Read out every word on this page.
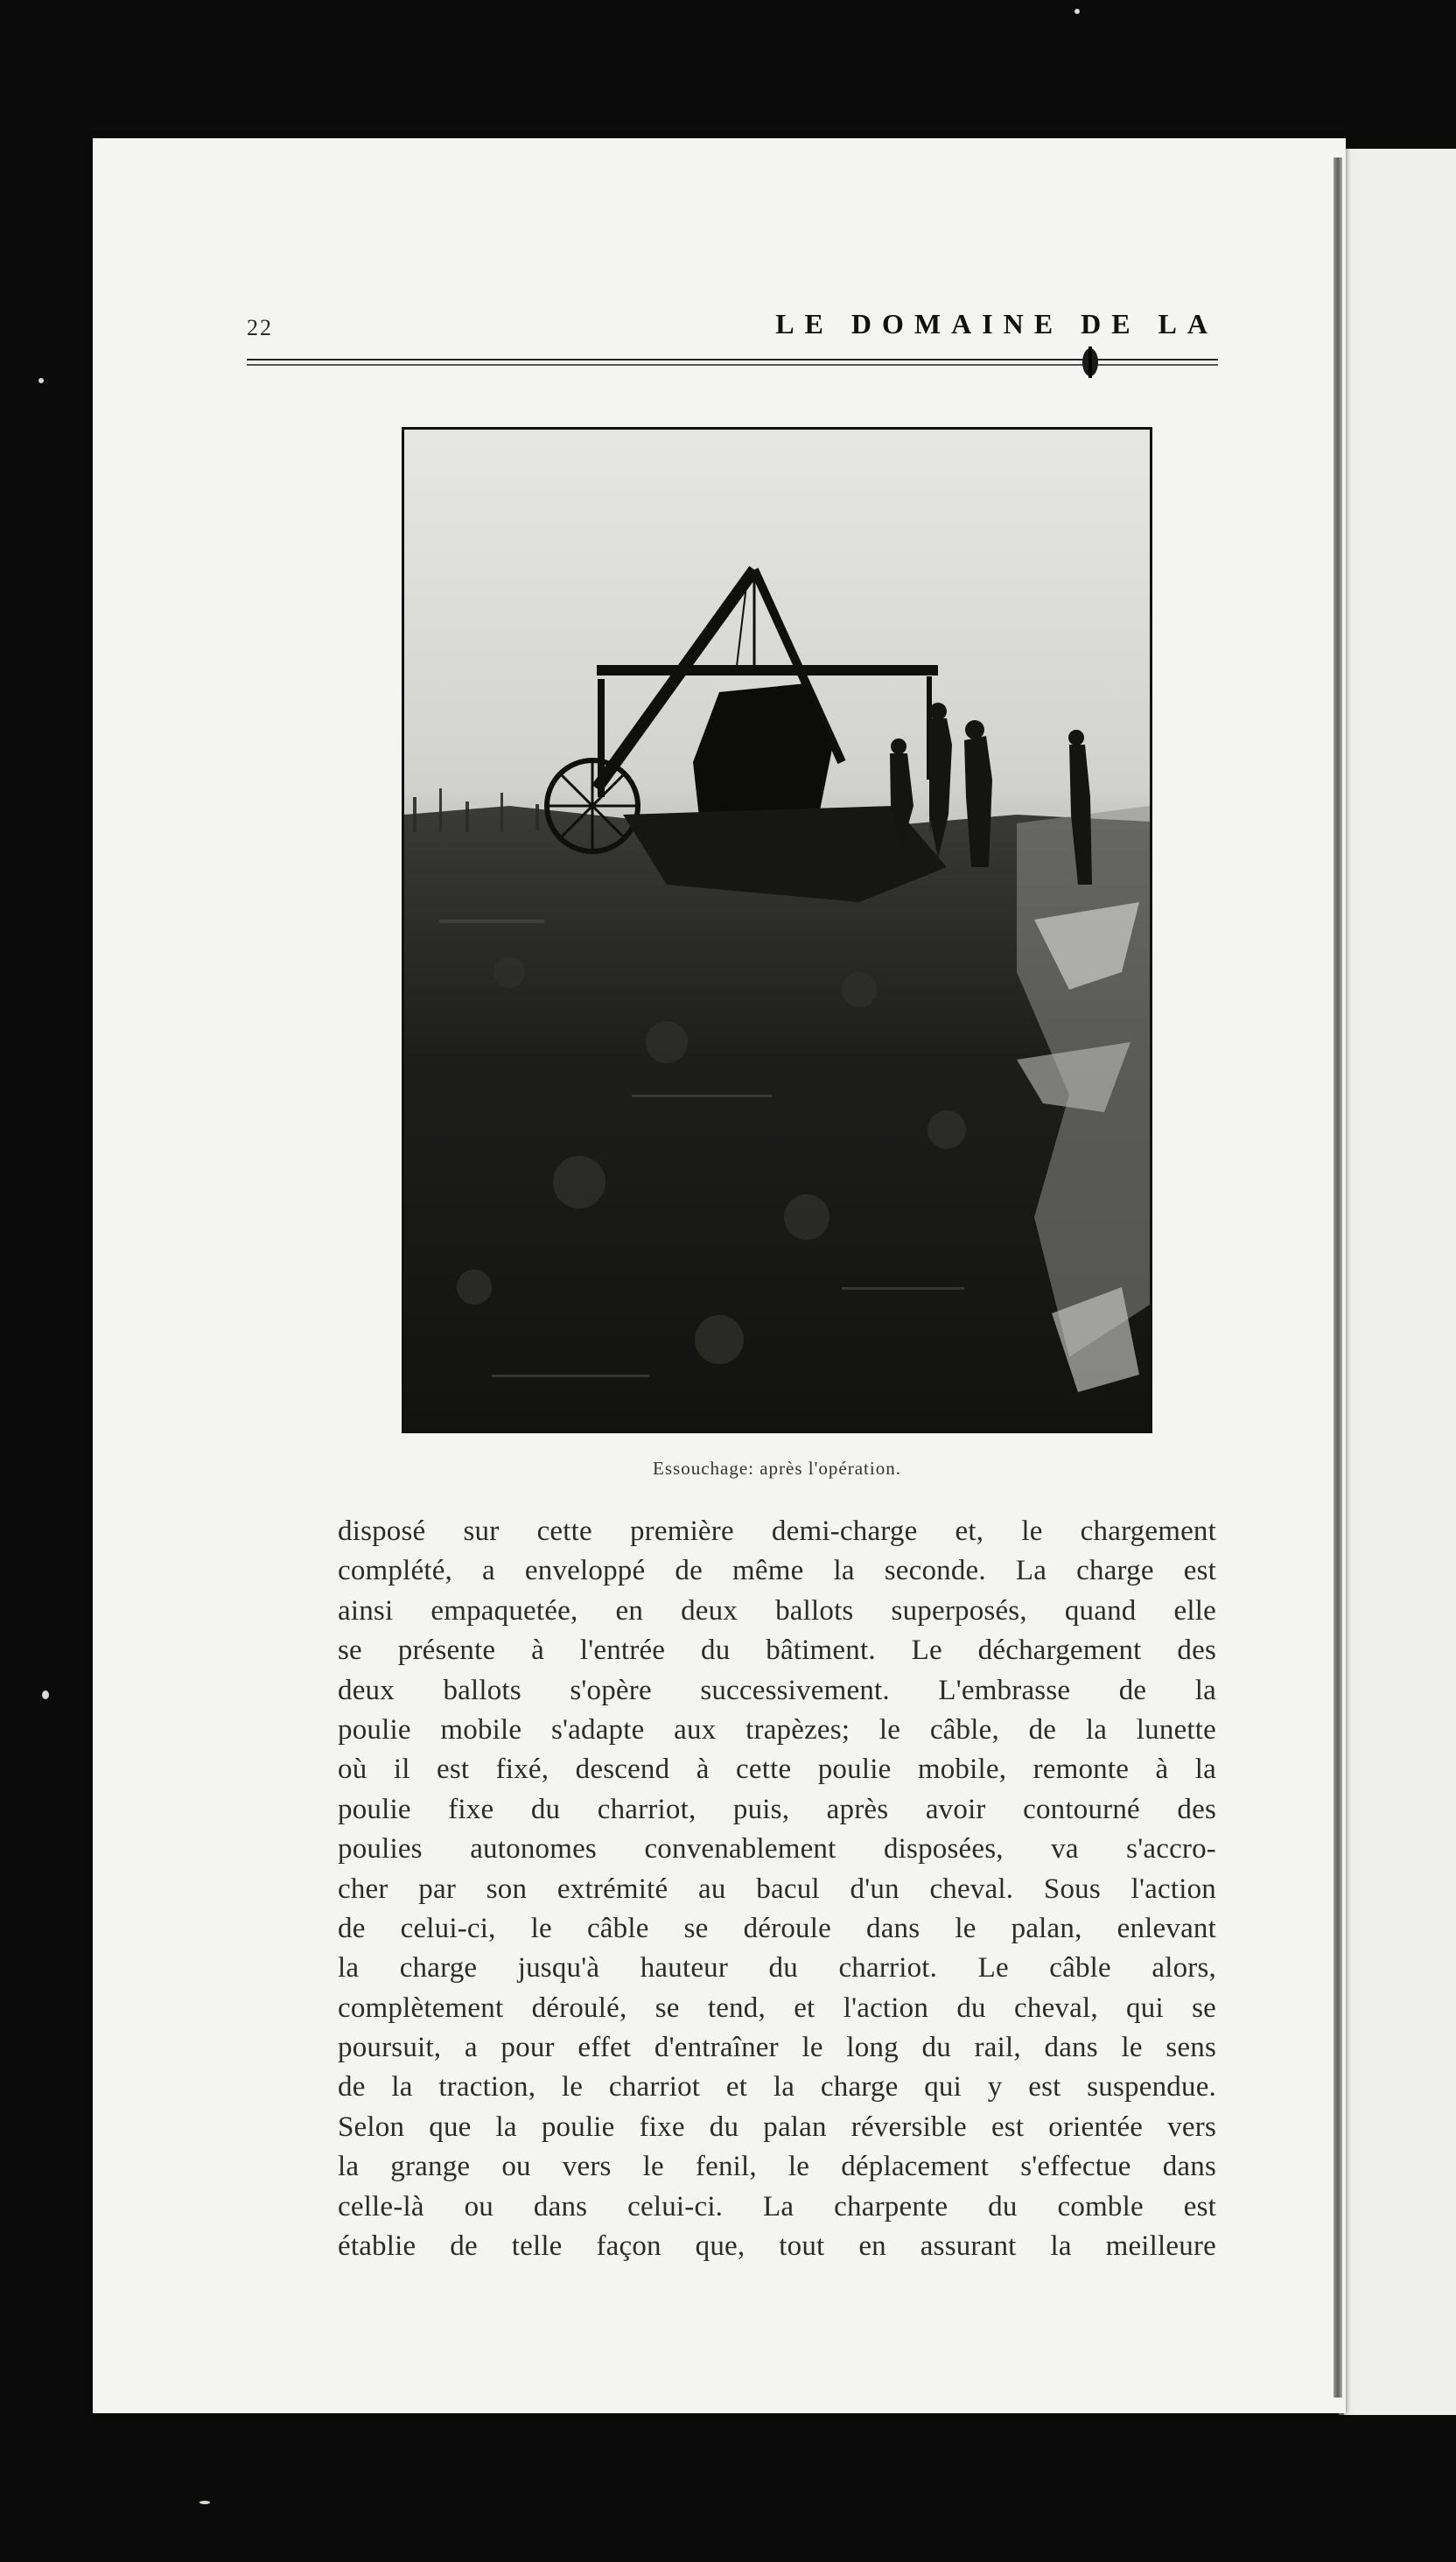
22	LE DOMAINE DE LA
Essouchage: après l'opération.
disposé sur cette première demi-charge et, le chargement
complété, a enveloppé de même la seconde. La charge est
ainsi empaquetée, en deux ballots superposés, quand elle
se présente à l'entrée du bâtiment. Le déchargement des
deux ballots s'opère successivement. L'embrasse de la
poulie mobile s'adapte aux trapèzes; le câble, de la lunette
où il est fixé, descend à cette poulie mobile, remonte à la
poulie fixe du charriot, puis, après avoir contourné des
poulies autonomes convenablement disposées, va s'accro-
cher par son extrémité au bacul d'un cheval. Sous l'action
de celui-ci, le câble se déroule dans le palan, enlevant
la charge jusqu'à hauteur du charriot. Le câble alors,
complètement déroulé, se tend, et l'action du cheval, qui se
poursuit, a pour effet d'entraîner le long du rail, dans le sens
de la traction, le charriot et la charge qui y est suspendue.
Selon que la poulie fixe du palan réversible est orientée vers
la grange ou vers le fenil, le déplacement s'effectue dans
celle-là ou dans celui-ci. La charpente du comble est
établie de telle façon que, tout en assurant la meilleure
